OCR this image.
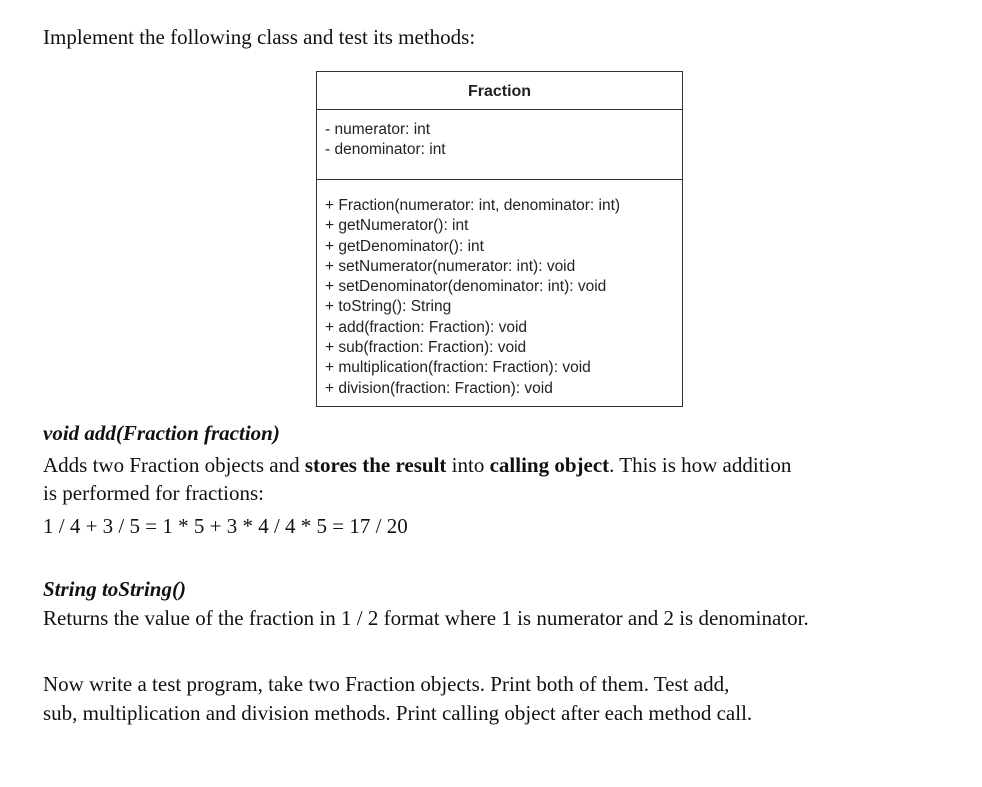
Implement the following class and test its methods:
Fraction
- numerator: int
- denominator: int
+ Fraction(numerator: int, denominator: int)
+ getNumerator(): int
+ getDenominator(): int
+ setNumerator(numerator: int): void
+ setDenominator(denominator: int): void
+ toString(): String
+ add(fraction: Fraction): void
+ sub(fraction: Fraction): void
+ multiplication(fraction: Fraction): void
+ division(fraction: Fraction): void
void add(Fraction fraction)
Adds two Fraction objects and stores the result into calling object. This is how addition
is performed for fractions:
1 / 4 + 3 / 5 = 1 * 5 + 3 * 4 / 4 * 5 = 17 / 20
String toString()
Returns the value of the fraction in 1 / 2 format where 1 is numerator and 2 is denominator.
Now write a test program, take two Fraction objects. Print both of them. Test add,
sub, multiplication and division methods. Print calling object after each method call.
